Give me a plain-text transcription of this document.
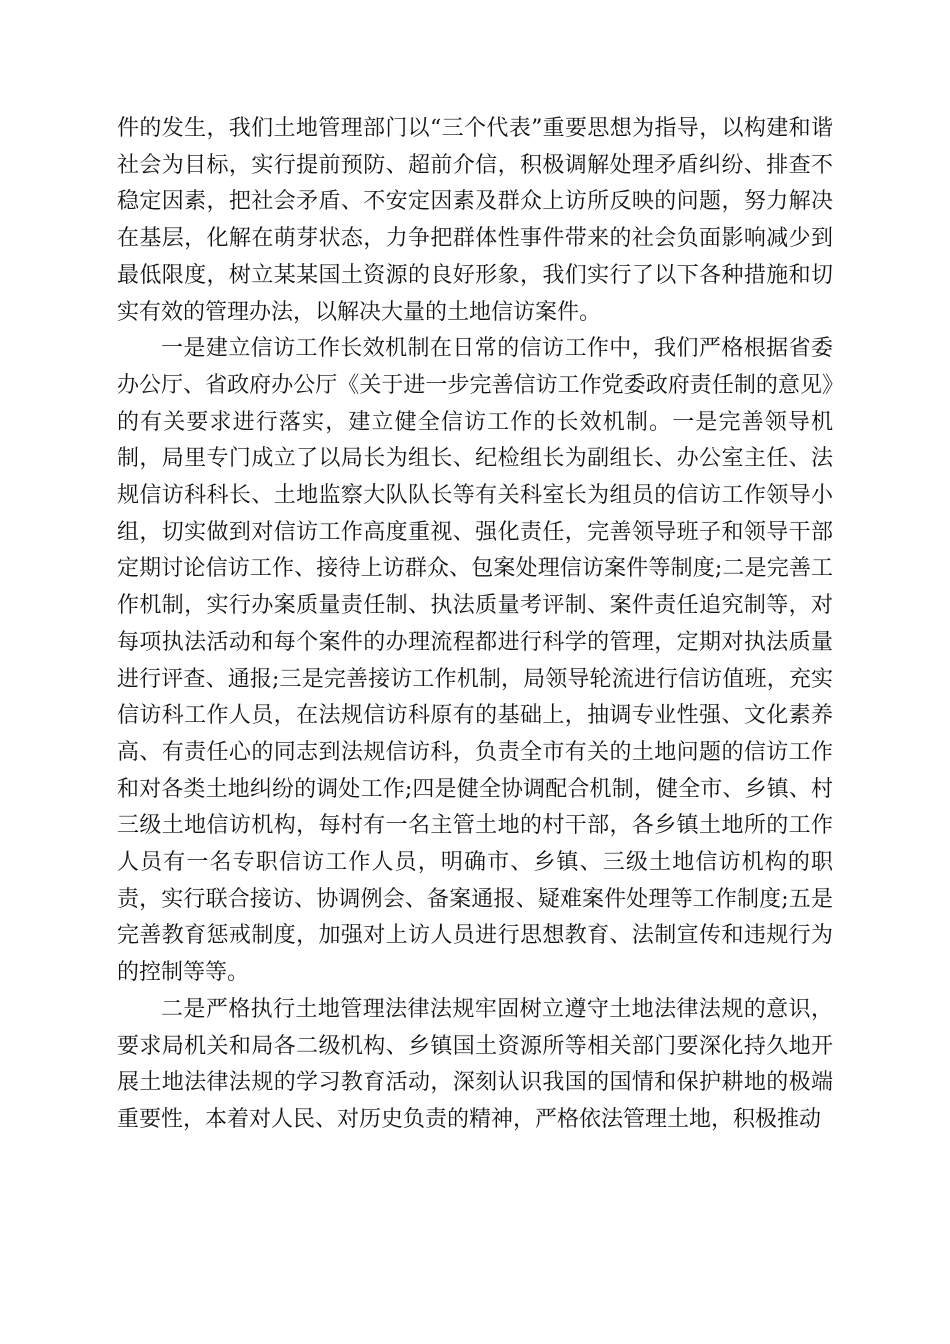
件的发生，我们土地管理部门以“三个代表”重要思想为指导，以构建和谐社会为目标，实行提前预防、超前介信，积极调解处理矛盾纠纷、排查不稳定因素，把社会矛盾、不安定因素及群众上访所反映的问题，努力解决在基层，化解在萌芽状态，力争把群体性事件带来的社会负面影响减少到最低限度，树立某某国土资源的良好形象，我们实行了以下各种措施和切实有效的管理办法，以解决大量的土地信访案件。

一是建立信访工作长效机制在日常的信访工作中，我们严格根据省委办公厅、省政府办公厅《关于进一步完善信访工作党委政府责任制的意见》的有关要求进行落实，建立健全信访工作的长效机制。一是完善领导机制，局里专门成立了以局长为组长、纪检组长为副组长、办公室主任、法规信访科科长、土地监察大队队长等有关科室长为组员的信访工作领导小组，切实做到对信访工作高度重视、强化责任，完善领导班子和领导干部定期讨论信访工作、接待上访群众、包案处理信访案件等制度;二是完善工作机制，实行办案质量责任制、执法质量考评制、案件责任追究制等，对每项执法活动和每个案件的办理流程都进行科学的管理，定期对执法质量进行评查、通报;三是完善接访工作机制，局领导轮流进行信访值班，充实信访科工作人员，在法规信访科原有的基础上，抽调专业性强、文化素养高、有责任心的同志到法规信访科，负责全市有关的土地问题的信访工作和对各类土地纠纷的调处工作;四是健全协调配合机制，健全市、乡镇、村三级土地信访机构，每村有一名主管土地的村干部，各乡镇土地所的工作人员有一名专职信访工作人员，明确市、乡镇、三级土地信访机构的职责，实行联合接访、协调例会、备案通报、疑难案件处理等工作制度;五是完善教育惩戒制度，加强对上访人员进行思想教育、法制宣传和违规行为的控制等等。

二是严格执行土地管理法律法规牢固树立遵守土地法律法规的意识，要求局机关和局各二级机构、乡镇国土资源所等相关部门要深化持久地开展土地法律法规的学习教育活动，深刻认识我国的国情和保护耕地的极端重要性，本着对人民、对历史负责的精神，严格依法管理土地，积极推动
